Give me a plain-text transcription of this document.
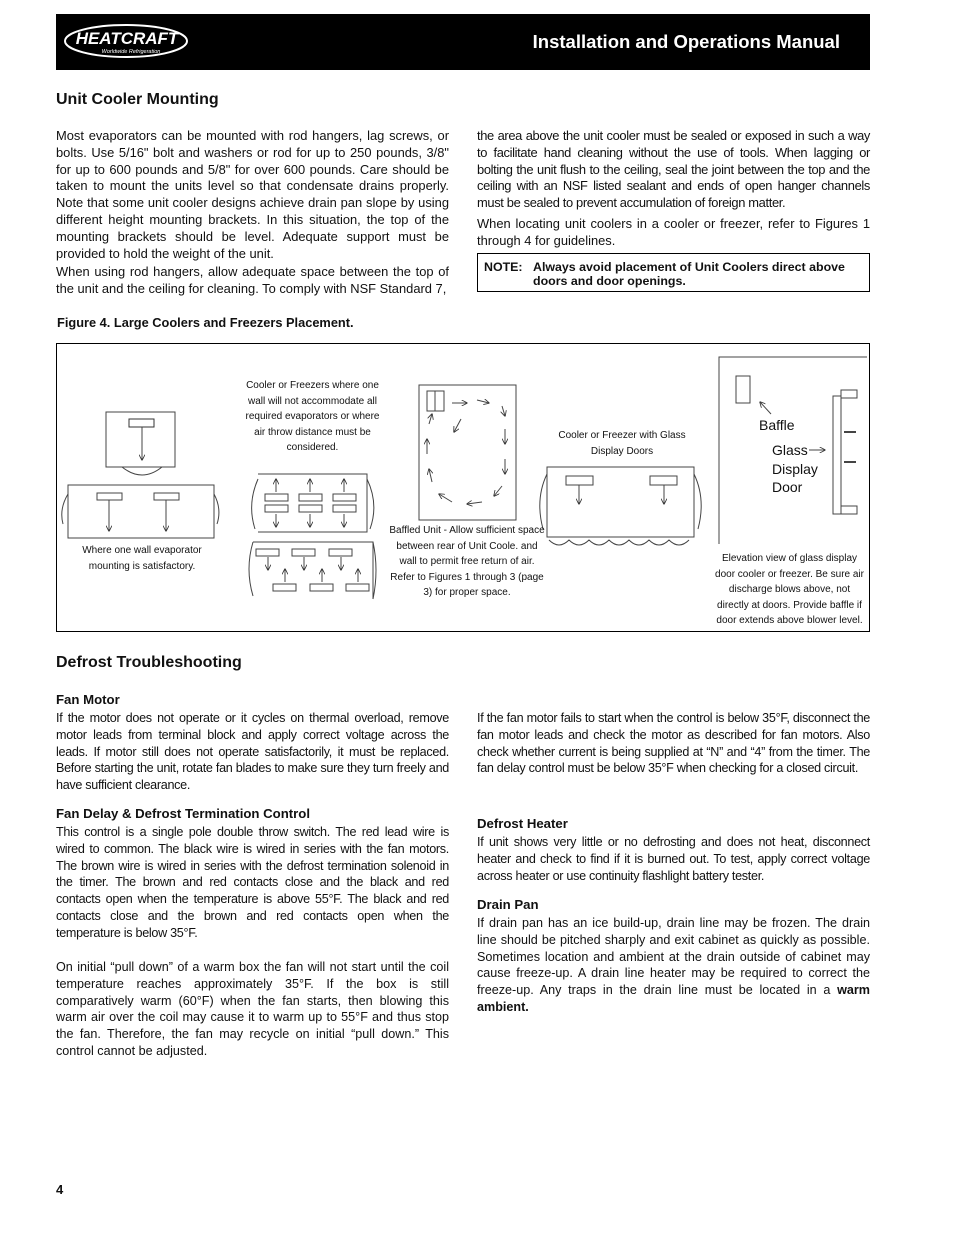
HEATCRAFT
Worldwide Refrigeration	Installation and Operations Manual
Unit Cooler Mounting

Most evaporators can be mounted with rod hangers, lag screws, or bolts. Use 5/16" bolt and washers or rod for up to 250 pounds, 3/8" for up to 600 pounds and 5/8" for over 600 pounds. Care should be taken to mount the units level so that condensate drains properly. Note that some unit cooler designs achieve drain pan slope by using different height mounting brackets. In this situation, the top of the mounting brackets should be level. Adequate support must be provided to hold the weight of the unit.

When using rod hangers, allow adequate space between the top of the unit and the ceiling for cleaning. To comply with NSF Standard 7,

the area above the unit cooler must be sealed or exposed in such a way to facilitate hand cleaning without the use of tools. When lagging or bolting the unit flush to the ceiling, seal the joint between the top and the ceiling with an NSF listed sealant and ends of open hanger channels must be sealed to prevent accumulation of foreign matter.

When locating unit coolers in a cooler or freezer, refer to Figures 1 through 4 for guidelines.

NOTE: Always avoid placement of Unit Coolers direct above doors and door openings.
Figure 4. Large Coolers and Freezers Placement.
Where one wall evaporator mounting is satisfactory.
Cooler or Freezers where one wall will not accommodate all required evaporators or where air throw distance must be considered.
Baffled Unit - Allow sufficient space between rear of Unit Coole. and wall to permit free return of air. Refer to Figures 1 through 3 (page 3) for proper space.
Cooler or Freezer with Glass Display Doors
Baffle
Glass Display Door
Elevation view of glass display door cooler or freezer. Be sure air discharge blows above, not directly at doors. Provide baffle if door extends above blower level.
Defrost Troubleshooting
Fan Motor

If the motor does not operate or it cycles on thermal overload, remove motor leads from terminal block and apply correct voltage across the leads. If motor still does not operate satisfactorily, it must be replaced. Before starting the unit, rotate fan blades to make sure they turn freely and have sufficient clearance.

Fan Delay & Defrost Termination Control

This control is a single pole double throw switch. The red lead wire is wired to common. The black wire is wired in series with the fan motors. The brown wire is wired in series with the defrost termination solenoid in the timer. The brown and red contacts close and the black and red contacts open when the temperature is above 55°F. The black and red contacts close and the brown and red contacts open when the temperature is below 35°F.

On initial “pull down” of a warm box the fan will not start until the coil temperature reaches approximately 35°F. If the box is still comparatively warm (60°F) when the fan starts, then blowing this warm air over the coil may cause it to warm up to 55°F and thus stop the fan. Therefore, the fan may recycle on initial “pull down.” This control cannot be adjusted.

If the fan motor fails to start when the control is below 35°F, disconnect the fan motor leads and check the motor as described for fan motors. Also check whether current is being supplied at “N” and “4” from the timer. The fan delay control must be below 35°F when checking for a closed circuit.

Defrost Heater

If unit shows very little or no defrosting and does not heat, disconnect heater and check to find if it is burned out. To test, apply correct voltage across heater or use continuity flashlight battery tester.

Drain Pan

If drain pan has an ice build-up, drain line may be frozen. The drain line should be pitched sharply and exit cabinet as quickly as possible. Sometimes location and ambient at the drain outside of cabinet may cause freeze-up. A drain line heater may be required to correct the freeze-up. Any traps in the drain line must be located in a warm ambient.

4
